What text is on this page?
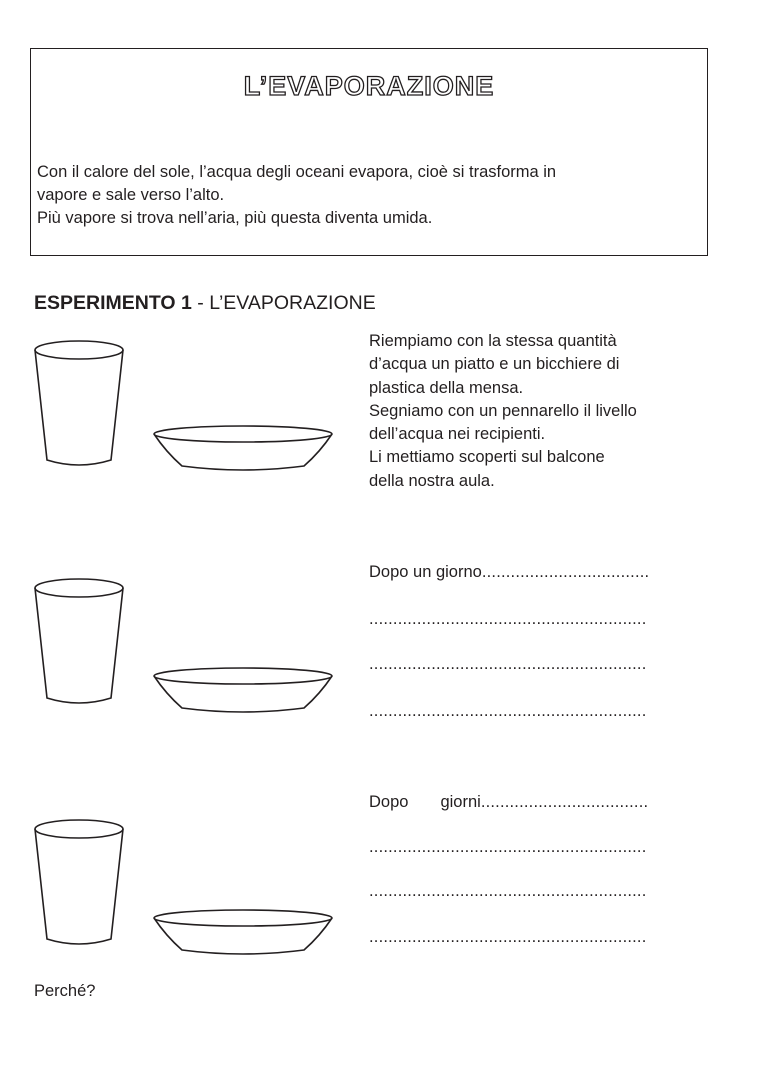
L’EVAPORAZIONE
Con il calore del sole, l’acqua degli oceani evapora, cioè si trasforma in
vapore e sale verso l’alto.
Più vapore si trova nell’aria, più questa diventa umida.
ESPERIMENTO 1 - L’EVAPORAZIONE
Riempiamo con la stessa quantità
d’acqua un piatto e un bicchiere di
plastica della mensa.
Segniamo con un pennarello il livello
dell’acqua nei recipienti.
Li mettiamo scoperti sul balcone
della nostra aula.
Dopo un giorno...................................
..........................................................
..........................................................
..........................................................
Dopo giorni...................................
..........................................................
..........................................................
..........................................................
Perché?
